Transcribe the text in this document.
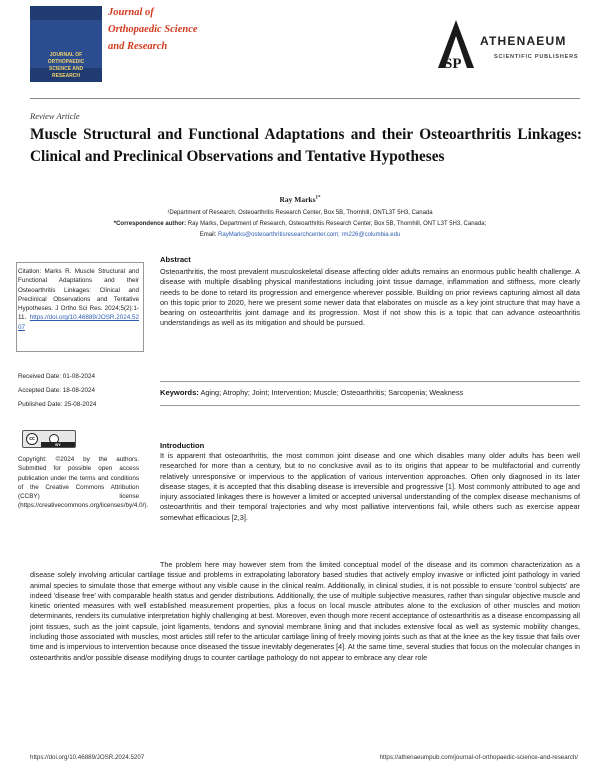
JOURNAL OF
ORTHOPAEDIC
SCIENCE AND
RESEARCH
Journal of
Orthopaedic Science
and Research
SP
ATHENAEUM
SCIENTIFIC PUBLISHERS
Review Article
Muscle Structural and Functional Adaptations and their Osteoarthritis Linkages: Clinical and Preclinical Observations and Tentative Hypotheses
Ray Marks$^{1*}$
¹Department of Research, Osteoarthritis Research Center, Box 5B, Thornhill, ONTL3T 5H3, Canada
*Correspondence author: Ray Marks, Department of Research, Osteoarthritis Research Center, Box 5B, Thornhill, ONT L3T 5H3, Canada;
Email: RayMarks@osteoarthritisresearchcenter.com; rm226@columbia.edu
Citation: Marks R. Muscle Structural and Functional Adaptations and their Osteoarthritis Linkages: Clinical and Preclinical Observations and Tentative Hypotheses. J Ortho Sci Res. 2024;5(2):1-11. https://doi.org/10.46889/JOSR.2024.5207
Received Date: 01-08-2024
Accepted Date: 18-08-2024
Published Date: 25-08-2024
cc
BY
Copyright: ©2024 by the authors. Submitted for possible open access publication under the terms and conditions of the Creative Commons Attribution (CCBY) license (https://creativecommons.org/licenses/by/4.0/).
Abstract
Osteoarthritis, the most prevalent musculoskeletal disease affecting older adults remains an enormous public health challenge. A disease with multiple disabling physical manifestations including joint tissue damage, inflammation and stiffness, more clearly needs to be done to retard its progression and emergence wherever possible. Building on prior reviews capturing almost all data on this topic prior to 2020, here we present some newer data that elaborates on muscle as a key joint structure that may have a bearing on osteoarthritis joint damage and its progression. Most if not show this is a topic that can advance osteoarthritis understandings as well as its mitigation and should be pursued.
Keywords: Aging; Atrophy; Joint; Intervention; Muscle; Osteoarthritis; Sarcopenia; Weakness
Introduction
It is apparent that osteoarthritis, the most common joint disease and one which disables many older adults has been well researched for more than a century, but to no conclusive avail as to its origins that appear to be multifactorial and currently relatively unresponsive or impervious to the application of various intervention approaches. Often only diagnosed in its later disease stages, it is accepted that this disabling disease is irreversible and progressive [1]. Most commonly attributed to age and injury associated linkages there is however a limited or accepted universal understanding of the complex disease mechanisms of osteoarthritis and their temporal trajectories and why most palliative interventions fail, while others such as exercise appear somewhat efficacious [2,3].
The problem here may however stem from the limited conceptual model of the disease and its common characterization as a disease solely involving articular cartilage tissue and problems in extrapolating laboratory based studies that actively employ invasive or inflicted joint pathology in varied animal species to simulate those that emerge without any visible cause in the clinical realm. Additionally, in clinical studies, it is not possible to ensure 'control subjects' are indeed 'disease free' with comparable health status and gender distributions. Additionally, the use of multiple subjective measures, rather than singular objective muscle and kinetic oriented measures with well established measurement properties, plus a focus on local muscle attributes alone to the exclusion of other muscles and motion determinants, renders its cumulative interpretation highly challenging at best. Moreover, even though more recent acceptance of osteoarthritis as a disease encompassing all joint tissues, such as the joint capsule, joint ligaments, tendons and synovial membrane lining and that includes extensive focal as well as systemic mobility changes, including those associated with muscles, most articles still refer to the articular cartilage lining of freely moving joints such as that at the knee as the key tissue that fails over time and is impervious to intervention because once diseased the tissue inevitably degenerates [4]. At the same time, several studies that focus on the molecular changes in osteoarthritis and/or possible disease modifying drugs to counter cartilage pathology do not appear to embrace any clear role
https://doi.org/10.46889/JOSR.2024.5207	https://athenaeumpub.com/journal-of-orthopaedic-science-and-research/
